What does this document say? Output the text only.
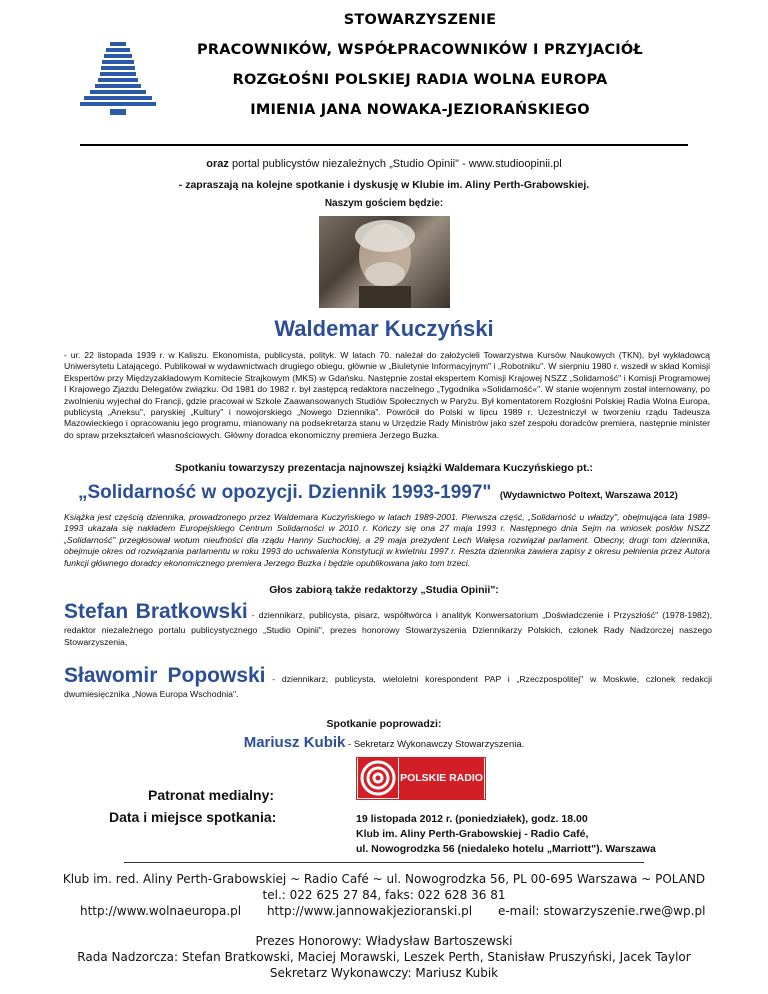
STOWARZYSZENIE
PRACOWNIKÓW, WSPÓŁPRACOWNIKÓW I PRZYJACIÓŁ
ROZGŁOŚNI POLSKIEJ RADIA WOLNA EUROPA
IMIENIA JANA NOWAKA-JEZIORAŃSKIEGO
oraz portal publicystów niezależnych „Studio Opinii" - www.studioopinii.pl
- zapraszają na kolejne spotkanie i dyskusję w Klubie im. Aliny Perth-Grabowskiej.
Naszym gościem będzie:
Waldemar Kuczyński
- ur. 22 listopada 1939 r. w Kaliszu. Ekonomista, publicysta, polityk. W latach 70. należał do założycieli Towarzystwa Kursów Naukowych (TKN), był wykładowcą Uniwersytetu Latającego. Publikował w wydawnictwach drugiego obiegu, głównie w „Biuletynie Informacyjnym" i „Robotniku". W sierpniu 1980 r. wszedł w skład Komisji Ekspertów przy Międzyzakładowym Komitecie Strajkowym (MKS) w Gdańsku. Następnie został ekspertem Komisji Krajowej NSZZ „Solidarność" i Komisji Programowej I Krajowego Zjazdu Delegatów związku. Od 1981 do 1982 r. był zastępcą redaktora naczelnego „Tygodnika »Solidarność«". W stanie wojennym został internowany, po zwolnieniu wyjechał do Francji, gdzie pracował w Szkole Zaawansowanych Studiów Społecznych w Paryżu. Był komentatorem Rozgłośni Polskiej Radia Wolna Europa, publicystą „Aneksu", paryskiej „Kultury" i nowojorskiego „Nowego Dziennika". Powrócił do Polski w lipcu 1989 r. Uczestniczył w tworzeniu rządu Tadeusza Mazowieckiego i opracowaniu jego programu, mianowany na podsekretarza stanu w Urzędzie Rady Ministrów jako szef zespołu doradców premiera, następnie minister do spraw przekształceń własnościowych. Główny doradca ekonomiczny premiera Jerzego Buzka.
Spotkaniu towarzyszy prezentacja najnowszej książki Waldemara Kuczyńskiego pt.:
„Solidarność w opozycji. Dziennik 1993-1997" (Wydawnictwo Poltext, Warszawa 2012)
Książka jest częścią dziennika, prowadzonego przez Waldemara Kuczyńskiego w latach 1989-2001. Pierwsza część, „Solidarność u władzy", obejmująca lata 1989-1993 ukazała się nakładem Europejskiego Centrum Solidarności w 2010 r. Kończy się ona 27 maja 1993 r. Następnego dnia Sejm na wniosek posłów NSZZ „Solidarność" przegłosował wotum nieufności dla rządu Hanny Suchockiej, a 29 maja prezydent Lech Wałęsa rozwiązał parlament. Obecny, drugi tom dziennika, obejmuje okres od rozwiązania parlamentu w roku 1993 do uchwalenia Konstytucji w kwietniu 1997 r. Reszta dziennika zawiera zapisy z okresu pełnienia przez Autora funkcji głównego doradcy ekonomicznego premiera Jerzego Buzka i będzie opublikowana jako tom trzeci.
Głos zabiorą także redaktorzy „Studia Opinii":
Stefan Bratkowski - dziennikarz, publicysta, pisarz, współtwórca i analityk Konwersatorium „Doświadczenie i Przyszłość" (1978-1982), redaktor niezależnego portalu publicystycznego „Studio Opinii", prezes honorowy Stowarzyszenia Dziennikarzy Polskich, członek Rady Nadzorczej naszego Stowarzyszenia,
Sławomir Popowski - dziennikarz, publicysta, wieloletni korespondent PAP i „Rzeczpospolitej" w Moskwie, członek redakcji dwumiesięcznika „Nowa Europa Wschodnia".
Spotkanie poprowadzi:
Mariusz Kubik - Sekretarz Wykonawczy Stowarzyszenia.
POLSKIE RADIO
Patronat medialny:
Data i miejsce spotkania:	19 listopada 2012 r. (poniedziałek), godz. 18.00
Klub im. Aliny Perth-Grabowskiej - Radio Café,
ul. Nowogrodzka 56 (niedaleko hotelu „Marriott"). Warszawa
Klub im. red. Aliny Perth-Grabowskiej ~ Radio Café ~ ul. Nowogrodzka 56, PL 00-695 Warszawa ~ POLAND
tel.: 022 625 27 84, faks: 022 628 36 81
http://www.wolnaeuropa.pl http://www.jannowakjezioranski.pl e-mail: stowarzyszenie.rwe@wp.pl
Prezes Honorowy: Władysław Bartoszewski
Rada Nadzorcza: Stefan Bratkowski, Maciej Morawski, Leszek Perth, Stanisław Pruszyński, Jacek Taylor
Sekretarz Wykonawczy: Mariusz Kubik
